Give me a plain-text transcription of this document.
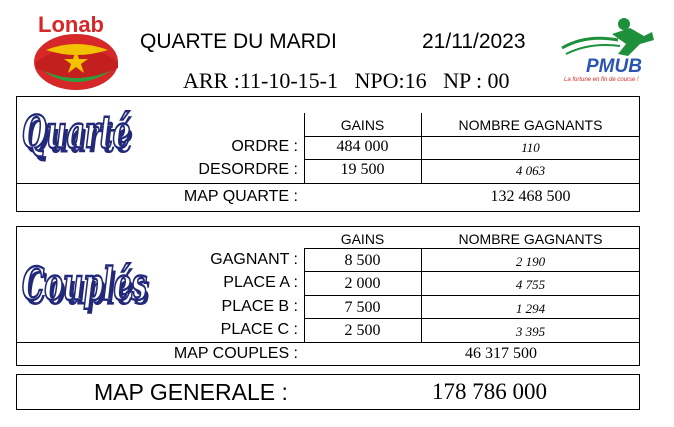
Lonab
QUARTE DU MARDI	21/11/2023
ARR :11-10-15-1 NPO:16 NP : 00
PMUB
La fortune en fin de course !
Quarté	GAINS	NOMBRE GAGNANTS
ORDRE :	484 000	110
DESORDRE :	19 500	4 063
MAP QUARTE :	132 468 500
Couplés
GAINS	NOMBRE GAGNANTS
GAGNANT :	8 500	2 190
PLACE A :	2 000	4 755
PLACE B :	7 500	1 294
PLACE C :	2 500	3 395
MAP COUPLES :	46 317 500
MAP GENERALE :	178 786 000
